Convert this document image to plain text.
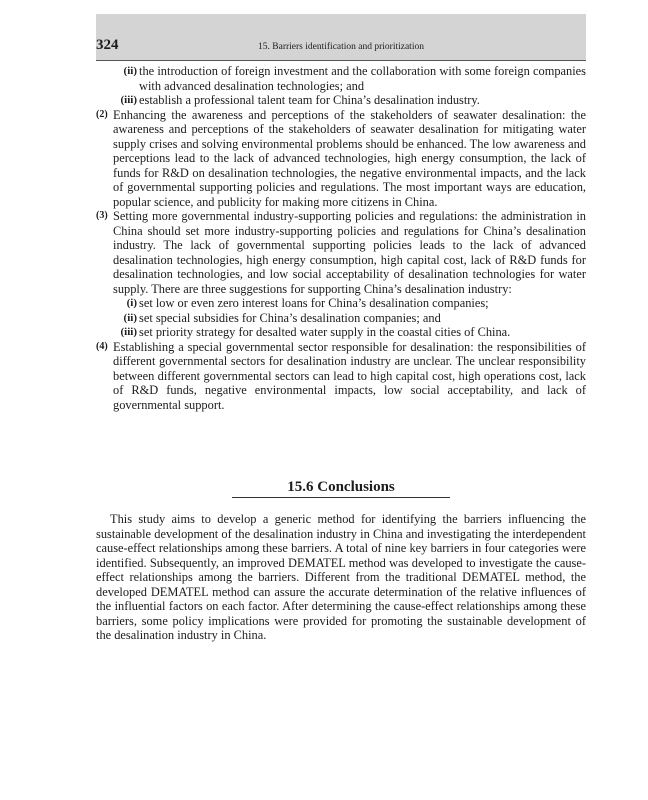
324	15. Barriers identification and prioritization
(ii) the introduction of foreign investment and the collaboration with some foreign companies with advanced desalination technologies; and
(iii) establish a professional talent team for China’s desalination industry.
(2) Enhancing the awareness and perceptions of the stakeholders of seawater desalination: the awareness and perceptions of the stakeholders of seawater desalination for mitigating water supply crises and solving environmental problems should be enhanced. The low awareness and perceptions lead to the lack of advanced technologies, high energy consumption, the lack of funds for R&D on desalination technologies, the negative environmental impacts, and the lack of governmental supporting policies and regulations. The most important ways are education, popular science, and publicity for making more citizens in China.
(3) Setting more governmental industry-supporting policies and regulations: the administration in China should set more industry-supporting policies and regulations for China’s desalination industry. The lack of governmental supporting policies leads to the lack of advanced desalination technologies, high energy consumption, high capital cost, lack of R&D funds for desalination technologies, and low social acceptability of desalination technologies for water supply. There are three suggestions for supporting China’s desalination industry:
(i) set low or even zero interest loans for China’s desalination companies;
(ii) set special subsidies for China’s desalination companies; and
(iii) set priority strategy for desalted water supply in the coastal cities of China.
(4) Establishing a special governmental sector responsible for desalination: the responsibilities of different governmental sectors for desalination industry are unclear. The unclear responsibility between different governmental sectors can lead to high capital cost, high operations cost, lack of R&D funds, negative environmental impacts, low social acceptability, and lack of governmental support.
15.6 Conclusions
This study aims to develop a generic method for identifying the barriers influencing the sustainable development of the desalination industry in China and investigating the interdependent cause-effect relationships among these barriers. A total of nine key barriers in four categories were identified. Subsequently, an improved DEMATEL method was developed to investigate the cause-effect relationships among the barriers. Different from the traditional DEMATEL method, the developed DEMATEL method can assure the accurate determination of the relative influences of the influential factors on each factor. After determining the cause-effect relationships among these barriers, some policy implications were provided for promoting the sustainable development of the desalination industry in China.
